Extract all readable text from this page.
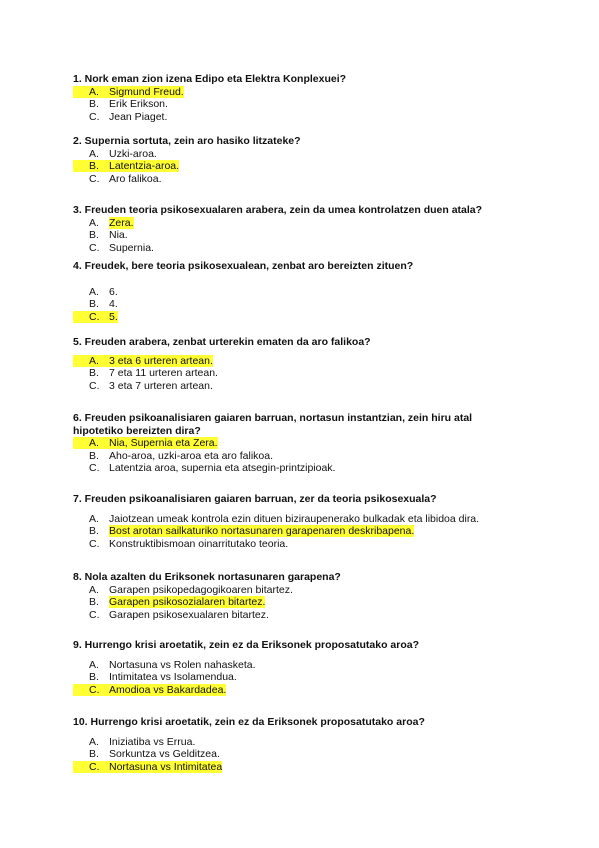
1. Nork eman zion izena Edipo eta Elektra Konplexuei?

A. Sigmund Freud.
B. Erik Erikson.
C. Jean Piaget.

2. Supernia sortuta, zein aro hasiko litzateke?

A. Uzki-aroa.
B. Latentzia-aroa.
C. Aro falikoa.

3. Freuden teoria psikosexualaren arabera, zein da umea kontrolatzen duen atala?

A. Zera.
B. Nia.
C. Supernia.

4. Freudek, bere teoria psikosexualean, zenbat aro bereizten zituen?

A. 6.
B. 4.
C. 5.

5. Freuden arabera, zenbat urterekin ematen da aro falikoa?

A. 3 eta 6 urteren artean.
B. 7 eta 11 urteren artean.
C. 3 eta 7 urteren artean.

6. Freuden psikoanalisiaren gaiaren barruan, nortasun instantzian, zein hiru atal

hipotetiko bereizten dira?

A. Nia, Supernia eta Zera.
B. Aho-aroa, uzki-aroa eta aro falikoa.
C. Latentzia aroa, supernia eta atsegin-printzipioak.

7. Freuden psikoanalisiaren gaiaren barruan, zer da teoria psikosexuala?

A. Jaiotzean umeak kontrola ezin dituen biziraupenerako bulkadak eta libidoa dira.
B. Bost arotan sailkaturiko nortasunaren garapenaren deskribapena.
C. Konstruktibismoan oinarritutako teoria.

8. Nola azalten du Eriksonek nortasunaren garapena?

A. Garapen psikopedagogikoaren bitartez.
B. Garapen psikosozialaren bitartez.
C. Garapen psikosexualaren bitartez.

9. Hurrengo krisi aroetatik, zein ez da Eriksonek proposatutako aroa?

A. Nortasuna vs Rolen nahasketa.
B. Intimitatea vs Isolamendua.
C. Amodioa vs Bakardadea.

10. Hurrengo krisi aroetatik, zein ez da Eriksonek proposatutako aroa?

A. Iniziatiba vs Errua.
B. Sorkuntza vs Gelditzea.
C. Nortasuna vs Intimitatea
